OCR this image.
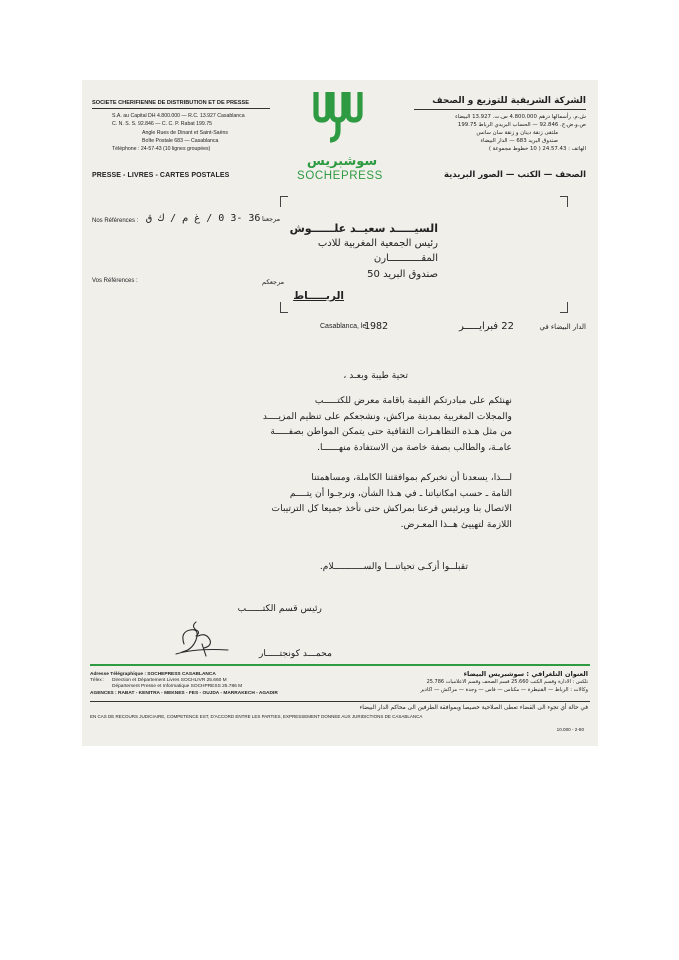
SOCIETE CHERIFIENNE DE DISTRIBUTION ET DE PRESSE
S.A. au Capital DH 4.800.000 — R.C. 13.927 Casablanca
C. N. S. S. 92.846 — C. C. P. Rabat 199.75
Angle Rues de Dinant et Saint-Saëns
Boîte Postale 683 — Casablanca
Téléphone : 24-57-43 (10 lignes groupées)
PRESSE - LIVRES - CARTES POSTALES
سوشبريس
SOCHEPRESS
الشركة الشريفية للتوزيع و الصحف
ش.م. رأسمالها درهم 4.800.000 س.ت. 13.927 البيضاء
ص.و.ض.ج. 92.846 — الحساب البريدي الرباط 199.75
ملتقى زنقة دينان و زنقة سان سانس
صندوق البريد 683 — الدار البيضاء
الهاتف : 24.57.43 ( 10 خطوط مجموعة )
الصحف — الكتب — الصور البريدية
Nos Références : 36 -3 0 / غ م / ك ق مرجعنا
Vos Références :	مرجعكم
السيـــــد سعيــد علــــــوش
رئيس الجمعية المغربية للادب
المقـــــــــــارن
صندوق البريد 50
الربـــــاط
Casablanca, le
1982	22 فبرايـــــر	الدار البيضاء في
تحية طيبة وبعـد ،
نهنئكم على مبادرتكم القيمة باقامة معرض للكتـــــب
والمجلات المغربية بمدينة مراكش، ونشجعكم على تنظيم المزيــــد
من مثل هـذه التظاهـرات الثقافية حتى يتمكن المواطن بصفـــــة
عامـة، والطالب بصفة خاصة من الاستفادة منهــــــا.
لـــذا، يسعدنا أن نخبركم بموافقتنا الكاملة، ومساهمتنا
التامة ـ حسب امكانياتنا ـ في هـذا الشأن، ونرجـوا أن يتــــم
الاتصال بنا وبرئيس فرعنا بمراكش حتى نأخذ جميعا كل الترتيبات
اللازمة لتهييئ هــذا المعـرض.
تقبلــوا أزكـى تحياتنـــا والســـــــــــلام.
رئيس قسم الكتــــــب
محمـــد كونجتـــــار
Adresse Télégraphique : SOCHEPRESS CASABLANCA
Télex : Direction et Département Livres SOCHLIVR 25.660 M
Département Presse et Informatique SOCHPRESS 25.786 M
AGENCES : RABAT - KENITRA - MEKNES - FES - OUJDA - MARRAKECH - AGADIR
العنوان التلغرافي : سوشبريس البيضاء
تلكس : الادارة وقسم الكتب 25.660 قسم الصحف وقسم الاعلاميات 25.786
وكالات : الرباط — القنيطرة — مكناس — فاس — وجدة — مراكش — اكادير
في حالة أي تجوء الى القضاء تعطى الصلاحية خصيصا وبموافقة الطرفين الى محاكم الدار البيضاء
EN CAS DE RECOURS JUDICIAIRE, COMPETENCE EST, D'ACCORD ENTRE LES PARTIES, EXPRESSEMENT DONNEE AUX JURIDICTIONS DE CASABLANCA
10.000 - 2-80
